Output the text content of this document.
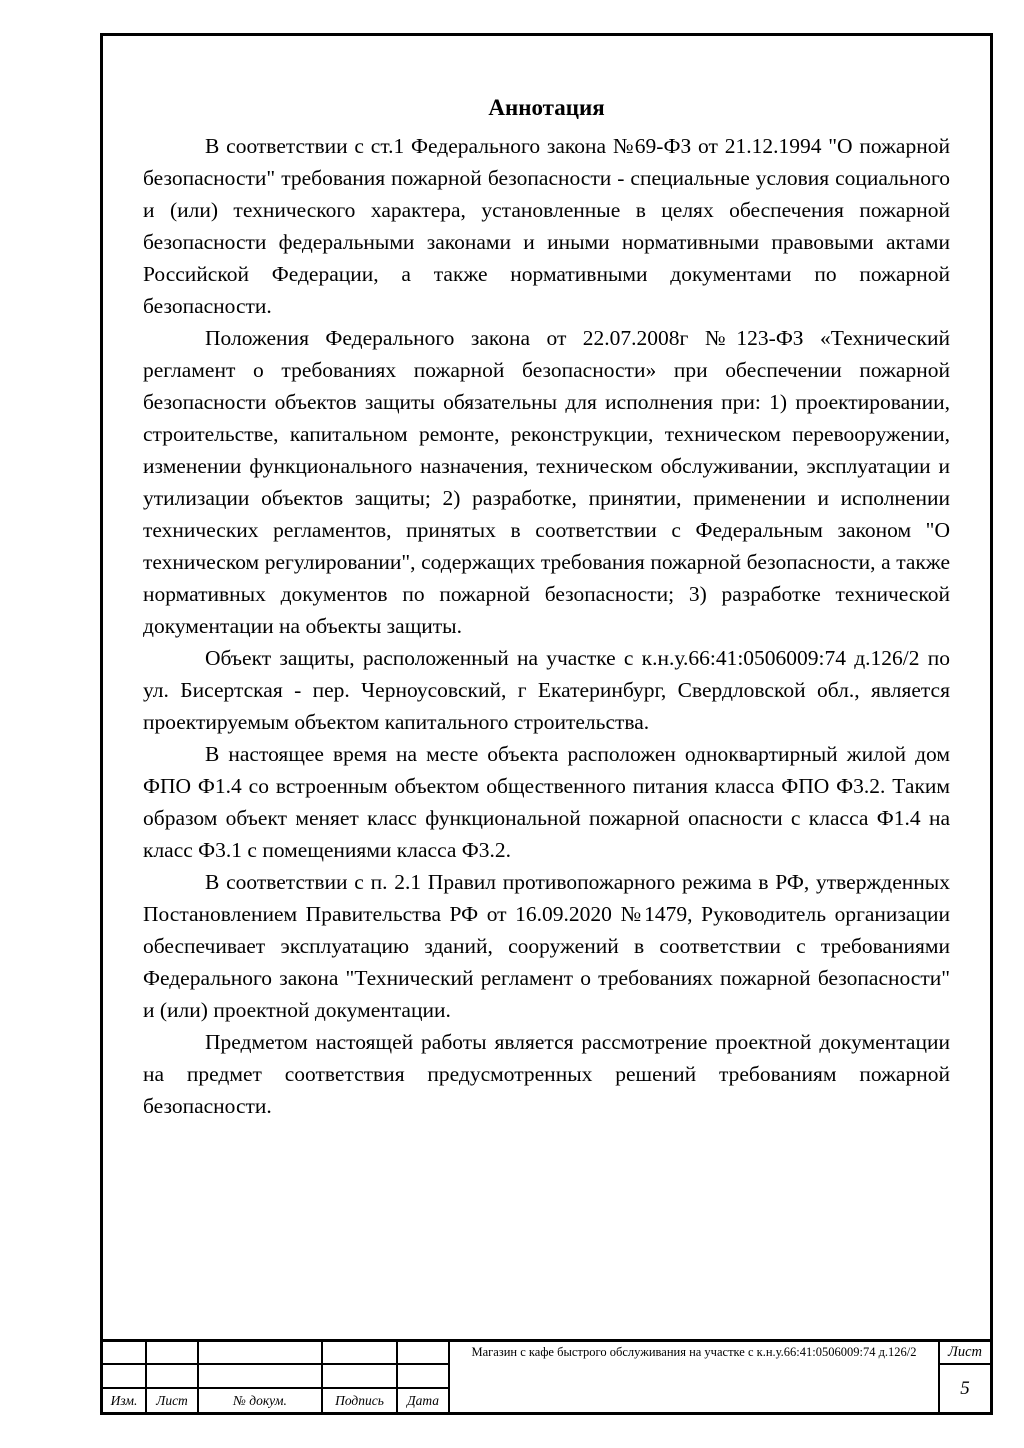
Аннотация

В соответствии с ст.1 Федерального закона №69-ФЗ от 21.12.1994 "О пожарной безопасности" требования пожарной безопасности - специальные условия социального и (или) технического характера, установленные в целях обеспечения пожарной безопасности федеральными законами и иными нормативными правовыми актами Российской Федерации, а также нормативными документами по пожарной безопасности.

Положения Федерального закона от 22.07.2008г №123-ФЗ «Технический регламент о требованиях пожарной безопасности» при обеспечении пожарной безопасности объектов защиты обязательны для исполнения при: 1) проектировании, строительстве, капитальном ремонте, реконструкции, техническом перевооружении, изменении функционального назначения, техническом обслуживании, эксплуатации и утилизации объектов защиты; 2) разработке, принятии, применении и исполнении технических регламентов, принятых в соответствии с Федеральным законом "О техническом регулировании", содержащих требования пожарной безопасности, а также нормативных документов по пожарной безопасности; 3) разработке технической документации на объекты защиты.

Объект защиты, расположенный на участке с к.н.у.66:41:0506009:74 д.126/2 по ул. Бисертская - пер. Черноусовский, г Екатеринбург, Свердловской обл., является проектируемым объектом капитального строительства.

В настоящее время на месте объекта расположен одноквартирный жилой дом ФПО Ф1.4 со встроенным объектом общественного питания класса ФПО Ф3.2. Таким образом объект меняет класс функциональной пожарной опасности с класса Ф1.4 на класс Ф3.1 с помещениями класса Ф3.2.

В соответствии с п. 2.1 Правил противопожарного режима в РФ, утвержденных Постановлением Правительства РФ от 16.09.2020 №1479, Руководитель организации обеспечивает эксплуатацию зданий, сооружений в соответствии с требованиями Федерального закона "Технический регламент о требованиях пожарной безопасности" и (или) проектной документации.

Предметом настоящей работы является рассмотрение проектной документации на предмет соответствия предусмотренных решений требованиям пожарной безопасности.

Магазин с кафе быстрого обслуживания на участке с к.н.у.66:41:0506009:74 д.126/2	Лист
5
Изм.	Лист	№ докум.	Подпись	Дата
